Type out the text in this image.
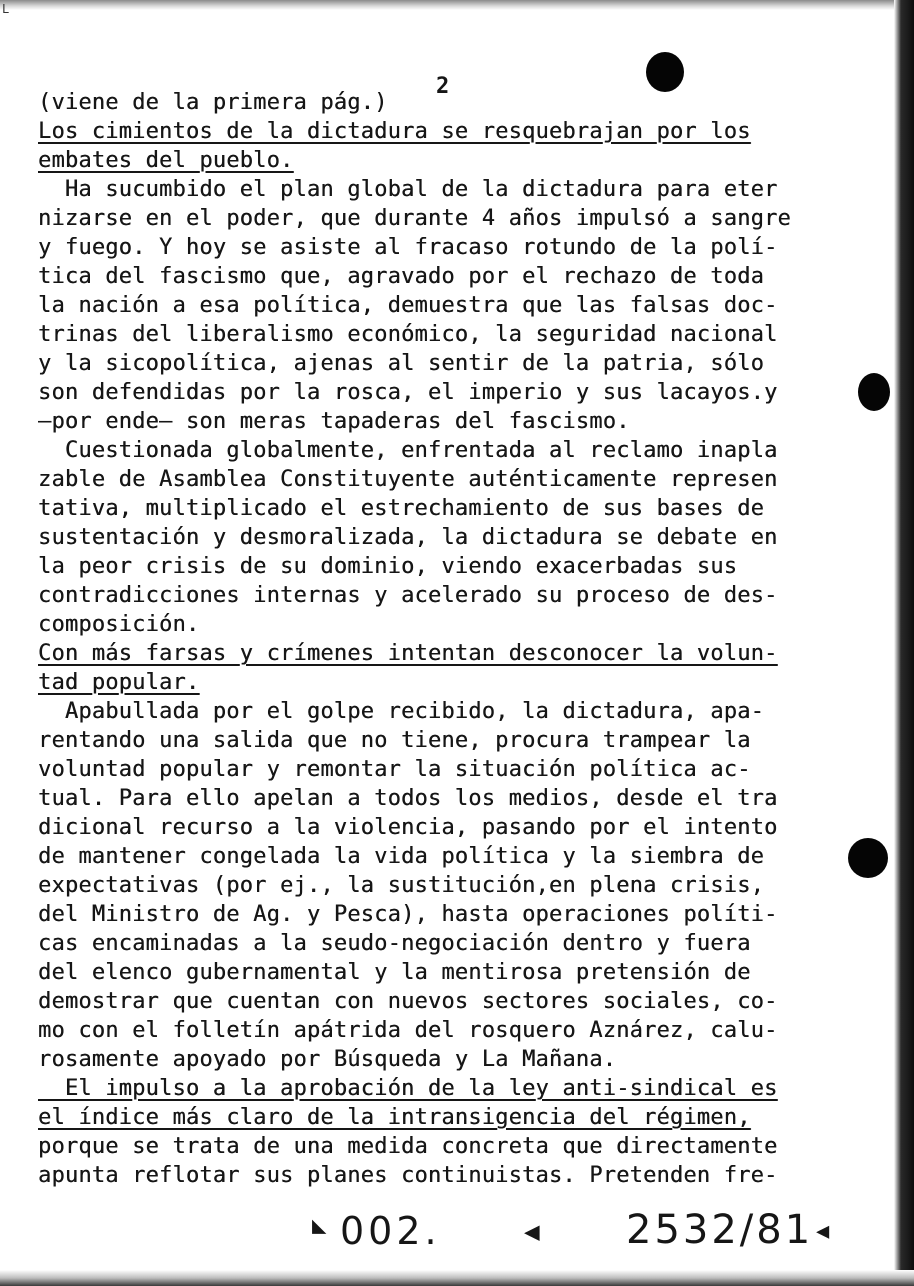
L
2
(viene de la primera pág.)
Los cimientos de la dictadura se resquebrajan por los
embates del pueblo.
Ha sucumbido el plan global de la dictadura para eter
nizarse en el poder, que durante 4 años impulsó a sangre
y fuego. Y hoy se asiste al fracaso rotundo de la polí-
tica del fascismo que, agravado por el rechazo de toda
la nación a esa política, demuestra que las falsas doc-
trinas del liberalismo económico, la seguridad nacional
y la sicopolítica, ajenas al sentir de la patria, sólo
son defendidas por la rosca, el imperio y sus lacayos.y
—por ende— son meras tapaderas del fascismo.
Cuestionada globalmente, enfrentada al reclamo inapla
zable de Asamblea Constituyente auténticamente represen
tativa, multiplicado el estrechamiento de sus bases de
sustentación y desmoralizada, la dictadura se debate en
la peor crisis de su dominio, viendo exacerbadas sus
contradicciones internas y acelerado su proceso de des-
composición.
Con más farsas y crímenes intentan desconocer la volun-
tad popular.
Apabullada por el golpe recibido, la dictadura, apa-
rentando una salida que no tiene, procura trampear la
voluntad popular y remontar la situación política ac-
tual. Para ello apelan a todos los medios, desde el tra
dicional recurso a la violencia, pasando por el intento
de mantener congelada la vida política y la siembra de
expectativas (por ej., la sustitución,en plena crisis,
del Ministro de Ag. y Pesca), hasta operaciones políti-
cas encaminadas a la seudo-negociación dentro y fuera
del elenco gubernamental y la mentirosa pretensión de
demostrar que cuentan con nuevos sectores sociales, co-
mo con el folletín apátrida del rosquero Aznárez, calu-
rosamente apoyado por Búsqueda y La Mañana.
El impulso a la aprobación de la ley anti-sindical es
el índice más claro de la intransigencia del régimen,
porque se trata de una medida concreta que directamente
apunta reflotar sus planes continuistas. Pretenden fre-
◣ 002.	◀ 2532/81 ◀
